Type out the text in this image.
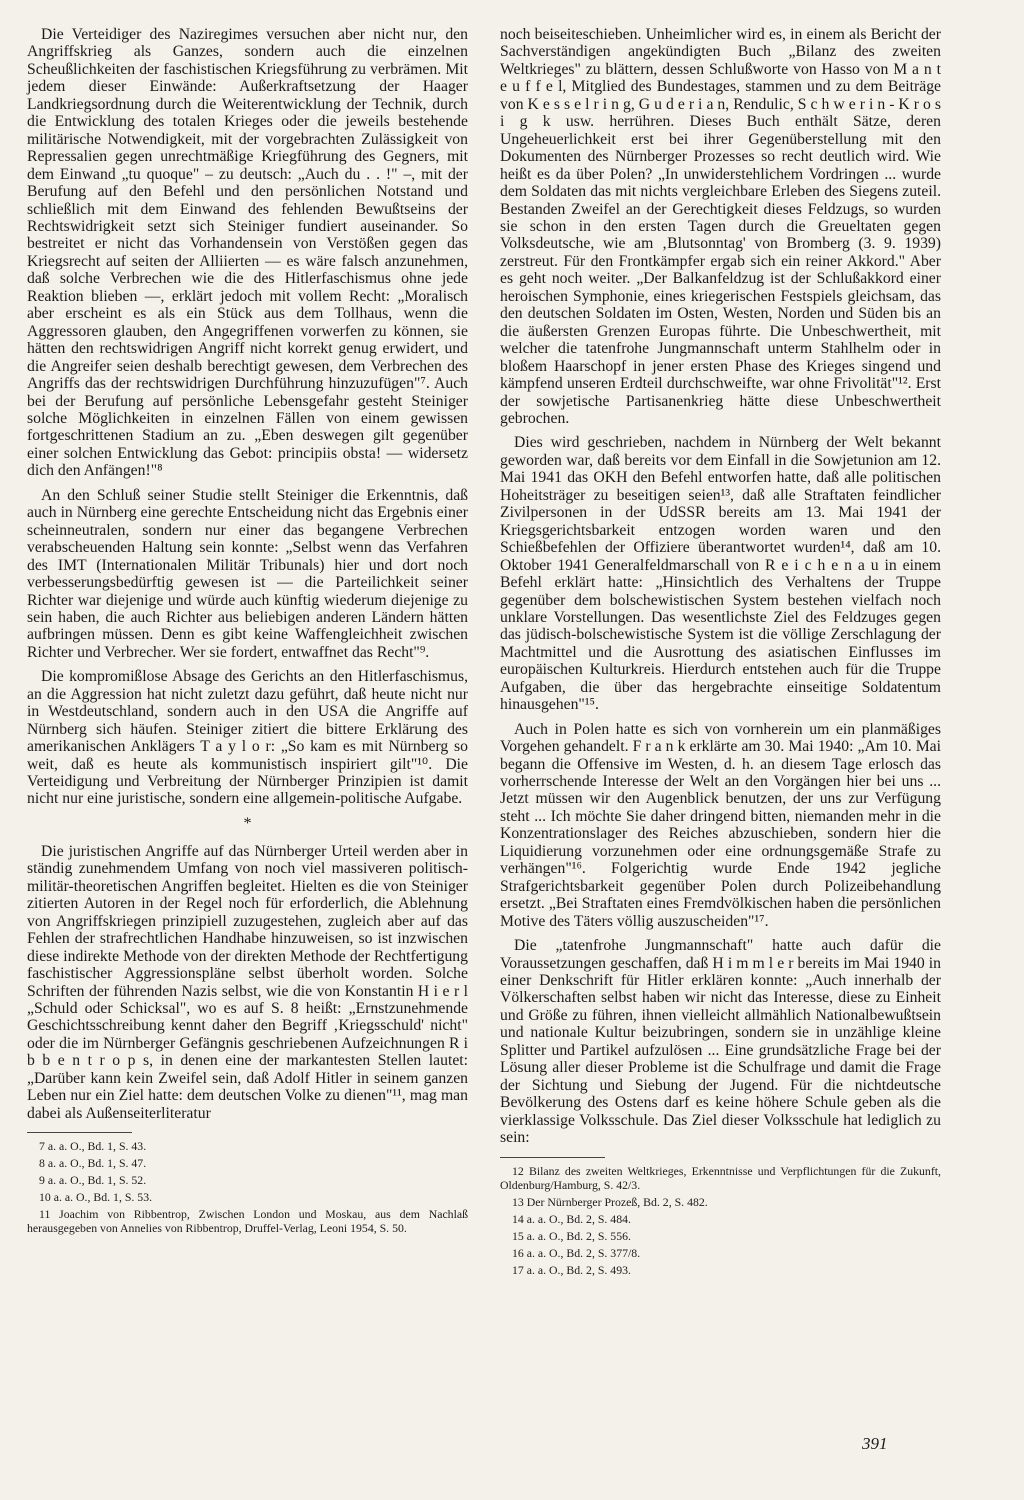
Die Verteidiger des Naziregimes versuchen aber nicht nur, den Angriffskrieg als Ganzes, sondern auch die einzelnen Scheußlichkeiten der faschistischen Kriegsführung zu verbrämen. Mit jedem dieser Einwände: Außerkraftsetzung der Haager Landkriegsordnung durch die Weiterentwicklung der Technik, durch die Entwicklung des totalen Krieges oder die jeweils bestehende militärische Notwendigkeit, mit der vorgebrachten Zulässigkeit von Repressalien gegen unrechtmäßige Kriegführung des Gegners, mit dem Einwand „tu quoque" – zu deutsch: „Auch du . . !" –, mit der Berufung auf den Befehl und den persönlichen Notstand und schließlich mit dem Einwand des fehlenden Bewußtseins der Rechtswidrigkeit setzt sich Steiniger fundiert auseinander. So bestreitet er nicht das Vorhandensein von Verstößen gegen das Kriegsrecht auf seiten der Alliierten — es wäre falsch anzunehmen, daß solche Verbrechen wie die des Hitlerfaschismus ohne jede Reaktion blieben —, erklärt jedoch mit vollem Recht: „Moralisch aber erscheint es als ein Stück aus dem Tollhaus, wenn die Aggressoren glauben, den Angegriffenen vorwerfen zu können, sie hätten den rechtswidrigen Angriff nicht korrekt genug erwidert, und die Angreifer seien deshalb berechtigt gewesen, dem Verbrechen des Angriffs das der rechtswidrigen Durchführung hinzuzufügen"⁷. Auch bei der Berufung auf persönliche Lebensgefahr gesteht Steiniger solche Möglichkeiten in einzelnen Fällen von einem gewissen fortgeschrittenen Stadium an zu. „Eben deswegen gilt gegenüber einer solchen Entwicklung das Gebot: principiis obsta! — widersetz dich den Anfängen!"⁸

An den Schluß seiner Studie stellt Steiniger die Erkenntnis, daß auch in Nürnberg eine gerechte Entscheidung nicht das Ergebnis einer scheinneutralen, sondern nur einer das begangene Verbrechen verabscheuenden Haltung sein konnte: „Selbst wenn das Verfahren des IMT (Internationalen Militär Tribunals) hier und dort noch verbesserungsbedürftig gewesen ist — die Parteilichkeit seiner Richter war diejenige und würde auch künftig wiederum diejenige zu sein haben, die auch Richter aus beliebigen anderen Ländern hätten aufbringen müssen. Denn es gibt keine Waffengleichheit zwischen Richter und Verbrecher. Wer sie fordert, entwaffnet das Recht"⁹.

Die kompromißlose Absage des Gerichts an den Hitlerfaschismus, an die Aggression hat nicht zuletzt dazu geführt, daß heute nicht nur in Westdeutschland, sondern auch in den USA die Angriffe auf Nürnberg sich häufen. Steiniger zitiert die bittere Erklärung des amerikanischen Anklägers T a y l o r: „So kam es mit Nürnberg so weit, daß es heute als kommunistisch inspiriert gilt"¹⁰. Die Verteidigung und Verbreitung der Nürnberger Prinzipien ist damit nicht nur eine juristische, sondern eine allgemein-politische Aufgabe.

*

Die juristischen Angriffe auf das Nürnberger Urteil werden aber in ständig zunehmendem Umfang von noch viel massiveren politisch-militär-theoretischen Angriffen begleitet. Hielten es die von Steiniger zitierten Autoren in der Regel noch für erforderlich, die Ablehnung von Angriffskriegen prinzipiell zuzugestehen, zugleich aber auf das Fehlen der strafrechtlichen Handhabe hinzuweisen, so ist inzwischen diese indirekte Methode von der direkten Methode der Rechtfertigung faschistischer Aggressionspläne selbst überholt worden. Solche Schriften der führenden Nazis selbst, wie die von Konstantin H i e r l „Schuld oder Schicksal", wo es auf S. 8 heißt: „Ernstzunehmende Geschichtsschreibung kennt daher den Begriff ‚Kriegsschuld' nicht" oder die im Nürnberger Gefängnis geschriebenen Aufzeichnungen R i b b e n t r o p s, in denen eine der markantesten Stellen lautet: „Darüber kann kein Zweifel sein, daß Adolf Hitler in seinem ganzen Leben nur ein Ziel hatte: dem deutschen Volke zu dienen"¹¹, mag man dabei als Außenseiterliteratur

7 a. a. O., Bd. 1, S. 43.

8 a. a. O., Bd. 1, S. 47.

9 a. a. O., Bd. 1, S. 52.

10 a. a. O., Bd. 1, S. 53.

11 Joachim von Ribbentrop, Zwischen London und Moskau, aus dem Nachlaß herausgegeben von Annelies von Ribbentrop, Druffel-Verlag, Leoni 1954, S. 50.

noch beiseiteschieben. Unheimlicher wird es, in einem als Bericht der Sachverständigen angekündigten Buch „Bilanz des zweiten Weltkrieges" zu blättern, dessen Schlußworte von Hasso von M a n t e u f f e l, Mitglied des Bundestages, stammen und zu dem Beiträge von K e s s e l r i n g, G u d e r i a n, Rendulic, S c h w e r i n - K r o s i g k usw. herrühren. Dieses Buch enthält Sätze, deren Ungeheuerlichkeit erst bei ihrer Gegenüberstellung mit den Dokumenten des Nürnberger Prozesses so recht deutlich wird. Wie heißt es da über Polen? „In unwiderstehlichem Vordringen ... wurde dem Soldaten das mit nichts vergleichbare Erleben des Siegens zuteil. Bestanden Zweifel an der Gerechtigkeit dieses Feldzugs, so wurden sie schon in den ersten Tagen durch die Greueltaten gegen Volksdeutsche, wie am ‚Blutsonntag' von Bromberg (3. 9. 1939) zerstreut. Für den Frontkämpfer ergab sich ein reiner Akkord." Aber es geht noch weiter. „Der Balkanfeldzug ist der Schlußakkord einer heroischen Symphonie, eines kriegerischen Festspiels gleichsam, das den deutschen Soldaten im Osten, Westen, Norden und Süden bis an die äußersten Grenzen Europas führte. Die Unbeschwertheit, mit welcher die tatenfrohe Jungmannschaft unterm Stahlhelm oder in bloßem Haarschopf in jener ersten Phase des Krieges singend und kämpfend unseren Erdteil durchschweifte, war ohne Frivolität"¹². Erst der sowjetische Partisanenkrieg hätte diese Unbeschwertheit gebrochen.

Dies wird geschrieben, nachdem in Nürnberg der Welt bekannt geworden war, daß bereits vor dem Einfall in die Sowjetunion am 12. Mai 1941 das OKH den Befehl entworfen hatte, daß alle politischen Hoheitsträger zu beseitigen seien¹³, daß alle Straftaten feindlicher Zivilpersonen in der UdSSR bereits am 13. Mai 1941 der Kriegsgerichtsbarkeit entzogen worden waren und den Schießbefehlen der Offiziere überantwortet wurden¹⁴, daß am 10. Oktober 1941 Generalfeldmarschall von R e i c h e n a u in einem Befehl erklärt hatte: „Hinsichtlich des Verhaltens der Truppe gegenüber dem bolschewistischen System bestehen vielfach noch unklare Vorstellungen. Das wesentlichste Ziel des Feldzuges gegen das jüdisch-bolschewistische System ist die völlige Zerschlagung der Machtmittel und die Ausrottung des asiatischen Einflusses im europäischen Kulturkreis. Hierdurch entstehen auch für die Truppe Aufgaben, die über das hergebrachte einseitige Soldatentum hinausgehen"¹⁵.

Auch in Polen hatte es sich von vornherein um ein planmäßiges Vorgehen gehandelt. F r a n k erklärte am 30. Mai 1940: „Am 10. Mai begann die Offensive im Westen, d. h. an diesem Tage erlosch das vorherrschende Interesse der Welt an den Vorgängen hier bei uns ... Jetzt müssen wir den Augenblick benutzen, der uns zur Verfügung steht ... Ich möchte Sie daher dringend bitten, niemanden mehr in die Konzentrationslager des Reiches abzuschieben, sondern hier die Liquidierung vorzunehmen oder eine ordnungsgemäße Strafe zu verhängen"¹⁶. Folgerichtig wurde Ende 1942 jegliche Strafgerichtsbarkeit gegenüber Polen durch Polizeibehandlung ersetzt. „Bei Straftaten eines Fremdvölkischen haben die persönlichen Motive des Täters völlig auszuscheiden"¹⁷.

Die „tatenfrohe Jungmannschaft" hatte auch dafür die Voraussetzungen geschaffen, daß H i m m l e r bereits im Mai 1940 in einer Denkschrift für Hitler erklären konnte: „Auch innerhalb der Völkerschaften selbst haben wir nicht das Interesse, diese zu Einheit und Größe zu führen, ihnen vielleicht allmählich Nationalbewußtsein und nationale Kultur beizubringen, sondern sie in unzählige kleine Splitter und Partikel aufzulösen ... Eine grundsätzliche Frage bei der Lösung aller dieser Probleme ist die Schulfrage und damit die Frage der Sichtung und Siebung der Jugend. Für die nichtdeutsche Bevölkerung des Ostens darf es keine höhere Schule geben als die vierklassige Volksschule. Das Ziel dieser Volksschule hat lediglich zu sein:

12 Bilanz des zweiten Weltkrieges, Erkenntnisse und Verpflichtungen für die Zukunft, Oldenburg/Hamburg, S. 42/3.

13 Der Nürnberger Prozeß, Bd. 2, S. 482.

14 a. a. O., Bd. 2, S. 484.

15 a. a. O., Bd. 2, S. 556.

16 a. a. O., Bd. 2, S. 377/8.

17 a. a. O., Bd. 2, S. 493.

391
